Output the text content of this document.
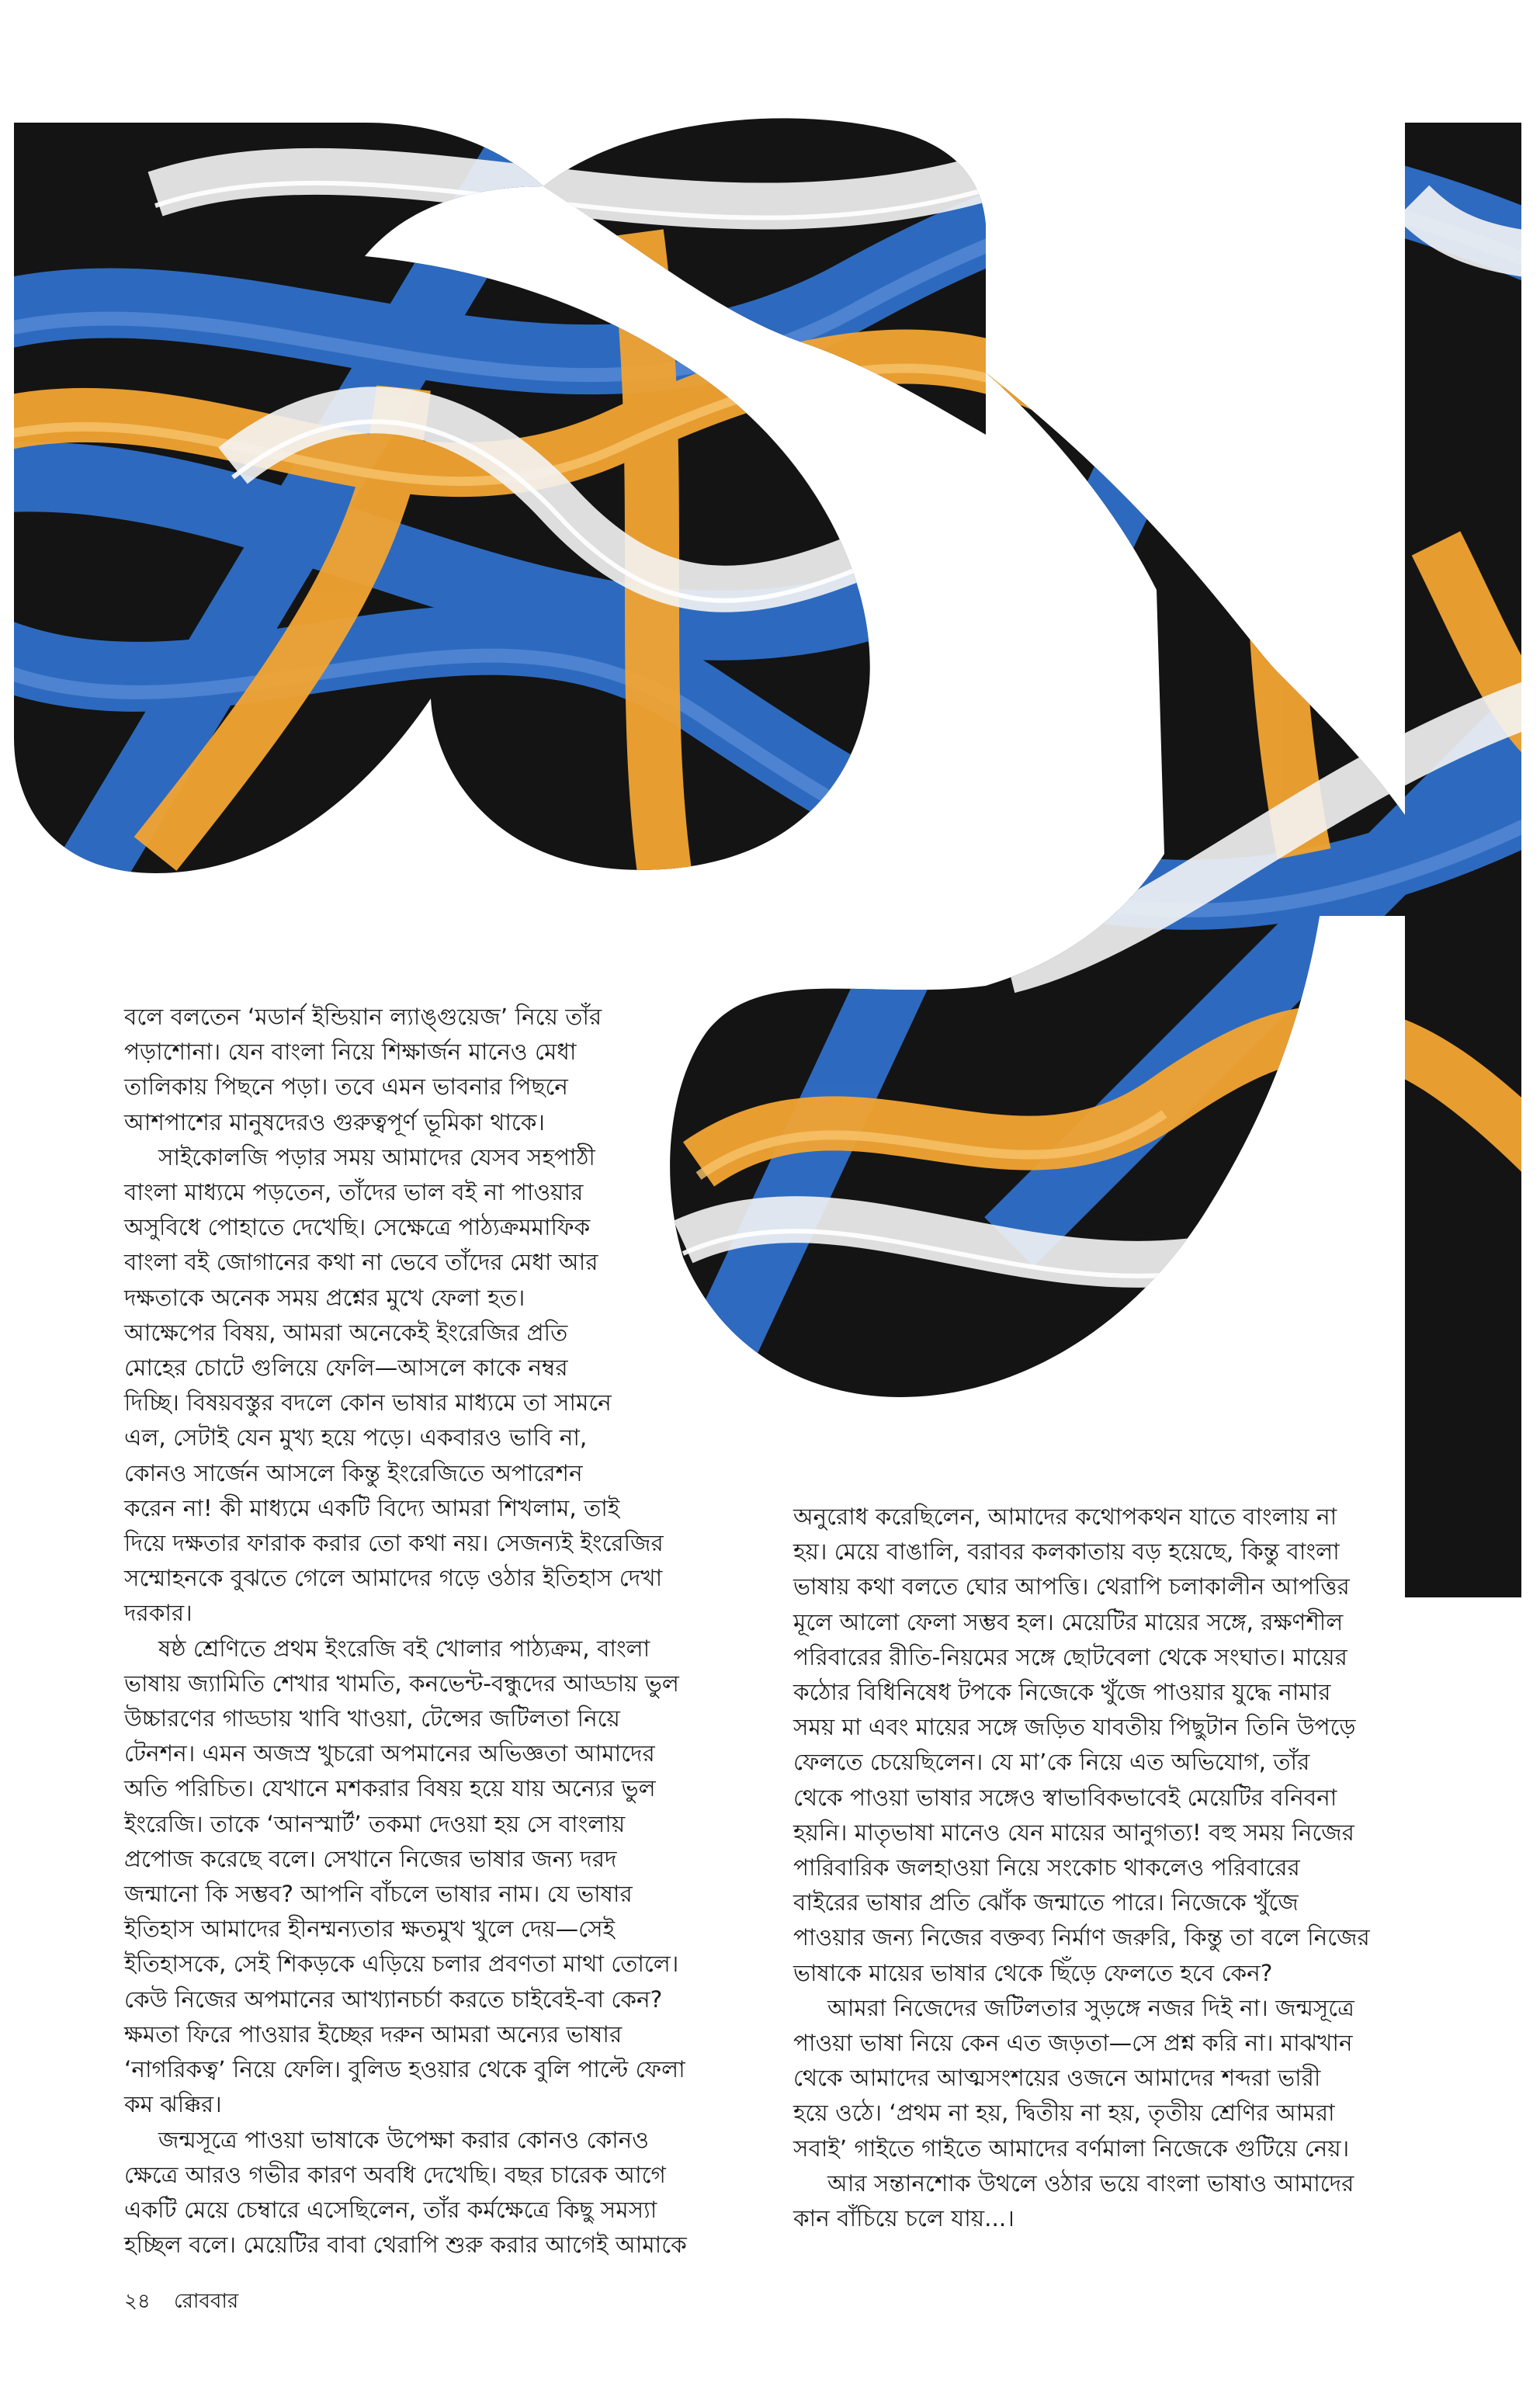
বলে বলতেন ‘মডার্ন ইন্ডিয়ান ল্যাঙ্গুয়েজ’ নিয়ে তাঁর
পড়াশোনা। যেন বাংলা নিয়ে শিক্ষার্জন মানেও মেধা
তালিকায় পিছনে পড়া। তবে এমন ভাবনার পিছনে
আশপাশের মানুষদেরও গুরুত্বপূর্ণ ভূমিকা থাকে।

সাইকোলজি পড়ার সময় আমাদের যেসব সহপাঠী
বাংলা মাধ্যমে পড়তেন, তাঁদের ভাল বই না পাওয়ার
অসুবিধে পোহাতে দেখেছি। সেক্ষেত্রে পাঠ্যক্রমমাফিক
বাংলা বই জোগানের কথা না ভেবে তাঁদের মেধা আর
দক্ষতাকে অনেক সময় প্রশ্নের মুখে ফেলা হত।
আক্ষেপের বিষয়, আমরা অনেকেই ইংরেজির প্রতি
মোহের চোটে গুলিয়ে ফেলি—আসলে কাকে নম্বর
দিচ্ছি। বিষয়বস্তুর বদলে কোন ভাষার মাধ্যমে তা সামনে
এল, সেটাই যেন মুখ্য হয়ে পড়ে। একবারও ভাবি না,
কোনও সার্জেন আসলে কিন্তু ইংরেজিতে অপারেশন
করেন না! কী মাধ্যমে একটি বিদ্যে আমরা শিখলাম, তাই
দিয়ে দক্ষতার ফারাক করার তো কথা নয়। সেজন্যই ইংরেজির
সম্মোহনকে বুঝতে গেলে আমাদের গড়ে ওঠার ইতিহাস দেখা
দরকার।

ষষ্ঠ শ্রেণিতে প্রথম ইংরেজি বই খোলার পাঠ্যক্রম, বাংলা
ভাষায় জ্যামিতি শেখার খামতি, কনভেন্ট-বন্ধুদের আড্ডায় ভুল
উচ্চারণের গাড্ডায় খাবি খাওয়া, টেন্সের জটিলতা নিয়ে
টেনশন। এমন অজস্র খুচরো অপমানের অভিজ্ঞতা আমাদের
অতি পরিচিত। যেখানে মশকরার বিষয় হয়ে যায় অন্যের ভুল
ইংরেজি। তাকে ‘আনস্মার্ট’ তকমা দেওয়া হয় সে বাংলায়
প্রপোজ করেছে বলে। সেখানে নিজের ভাষার জন্য দরদ
জন্মানো কি সম্ভব? আপনি বাঁচলে ভাষার নাম। যে ভাষার
ইতিহাস আমাদের হীনম্মন্যতার ক্ষতমুখ খুলে দেয়—সেই
ইতিহাসকে, সেই শিকড়কে এড়িয়ে চলার প্রবণতা মাথা তোলে।
কেউ নিজের অপমানের আখ্যানচর্চা করতে চাইবেই-বা কেন?
ক্ষমতা ফিরে পাওয়ার ইচ্ছের দরুন আমরা অন্যের ভাষার
‘নাগরিকত্ব’ নিয়ে ফেলি। বুলিড হওয়ার থেকে বুলি পাল্টে ফেলা
কম ঝক্কির।

জন্মসূত্রে পাওয়া ভাষাকে উপেক্ষা করার কোনও কোনও
ক্ষেত্রে আরও গভীর কারণ অবধি দেখেছি। বছর চারেক আগে
একটি মেয়ে চেম্বারে এসেছিলেন, তাঁর কর্মক্ষেত্রে কিছু সমস্যা
হচ্ছিল বলে। মেয়েটির বাবা থেরাপি শুরু করার আগেই আমাকে

অনুরোধ করেছিলেন, আমাদের কথোপকথন যাতে বাংলায় না
হয়। মেয়ে বাঙালি, বরাবর কলকাতায় বড় হয়েছে, কিন্তু বাংলা
ভাষায় কথা বলতে ঘোর আপত্তি। থেরাপি চলাকালীন আপত্তির
মূলে আলো ফেলা সম্ভব হল। মেয়েটির মায়ের সঙ্গে, রক্ষণশীল
পরিবারের রীতি-নিয়মের সঙ্গে ছোটবেলা থেকে সংঘাত। মায়ের
কঠোর বিধিনিষেধ টপকে নিজেকে খুঁজে পাওয়ার যুদ্ধে নামার
সময় মা এবং মায়ের সঙ্গে জড়িত যাবতীয় পিছুটান তিনি উপড়ে
ফেলতে চেয়েছিলেন। যে মা’কে নিয়ে এত অভিযোগ, তাঁর
থেকে পাওয়া ভাষার সঙ্গেও স্বাভাবিকভাবেই মেয়েটির বনিবনা
হয়নি। মাতৃভাষা মানেও যেন মায়ের আনুগত্য! বহু সময় নিজের
পারিবারিক জলহাওয়া নিয়ে সংকোচ থাকলেও পরিবারের
বাইরের ভাষার প্রতি ঝোঁক জন্মাতে পারে। নিজেকে খুঁজে
পাওয়ার জন্য নিজের বক্তব্য নির্মাণ জরুরি, কিন্তু তা বলে নিজের
ভাষাকে মায়ের ভাষার থেকে ছিঁড়ে ফেলতে হবে কেন?

আমরা নিজেদের জটিলতার সুড়ঙ্গে নজর দিই না। জন্মসূত্রে
পাওয়া ভাষা নিয়ে কেন এত জড়তা—সে প্রশ্ন করি না। মাঝখান
থেকে আমাদের আত্মসংশয়ের ওজনে আমাদের শব্দরা ভারী
হয়ে ওঠে। ‘প্রথম না হয়, দ্বিতীয় না হয়, তৃতীয় শ্রেণির আমরা
সবাই’ গাইতে গাইতে আমাদের বর্ণমালা নিজেকে গুটিয়ে নেয়।

আর সন্তানশোক উথলে ওঠার ভয়ে বাংলা ভাষাও আমাদের
কান বাঁচিয়ে চলে যায়...।

২৪ রোববার
